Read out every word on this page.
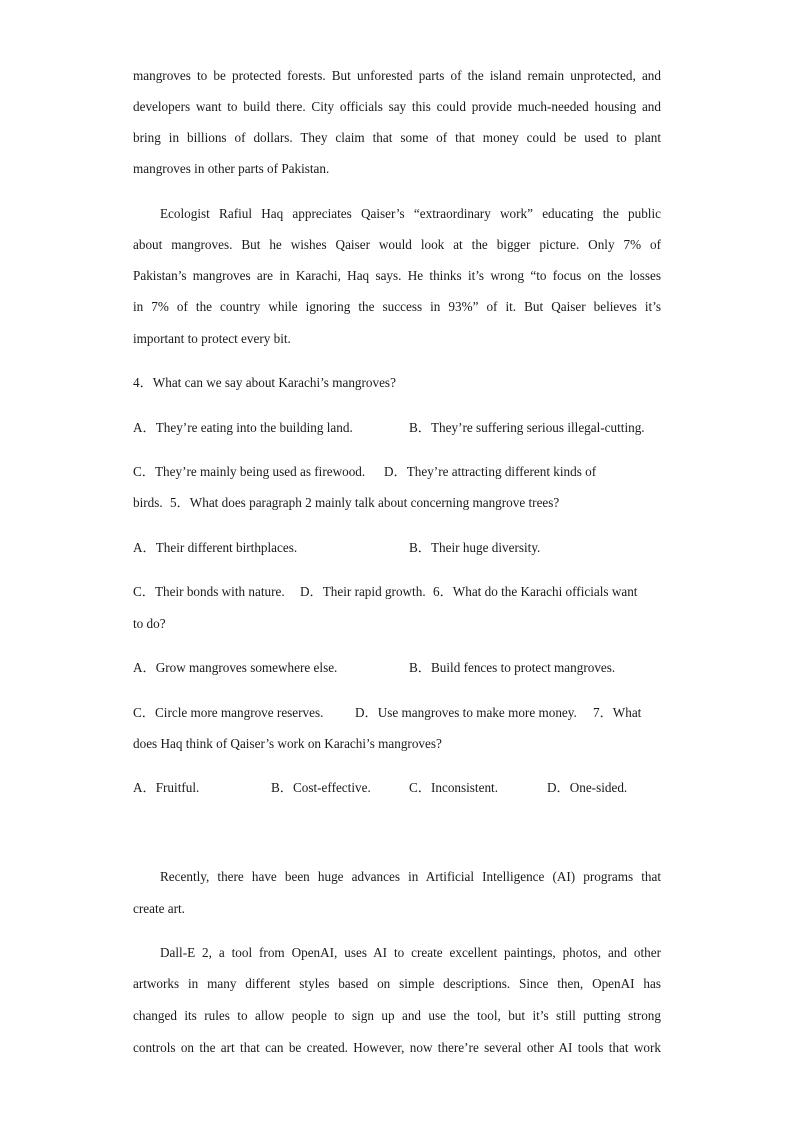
mangroves to be protected forests. But unforested parts of the island remain unprotected, and
developers want to build there. City officials say this could provide much-needed housing and
bring in billions of dollars. They claim that some of that money could be used to plant
mangroves in other parts of Pakistan.
Ecologist Rafiul Haq appreciates Qaiser’s “extraordinary work” educating the public
about mangroves. But he wishes Qaiser would look at the bigger picture. Only 7% of
Pakistan’s mangroves are in Karachi, Haq says. He thinks it’s wrong “to focus on the losses
in 7% of the country while ignoring the success in 93%” of it. But Qaiser believes it’s
important to protect every bit.
4．What can we say about Karachi’s mangroves?
A．They’re eating into the building land.	B．They’re suffering serious illegal-cutting.
C．They’re mainly being used as firewood. D．They’re attracting different kinds of
birds. 5．What does paragraph 2 mainly talk about concerning mangrove trees?
A．Their different birthplaces.	B．Their huge diversity.
C．Their bonds with nature. D．Their rapid growth. 6．What do the Karachi officials want
to do?
A．Grow mangroves somewhere else.	B．Build fences to protect mangroves.
C．Circle more mangrove reserves. D．Use mangroves to make more money. 7．What
does Haq think of Qaiser’s work on Karachi’s mangroves?
A．Fruitful.	B．Cost-effective.	C．Inconsistent.	D．One-sided.
Recently, there have been huge advances in Artificial Intelligence (AI) programs that
create art.
Dall-E 2, a tool from OpenAI, uses AI to create excellent paintings, photos, and other
artworks in many different styles based on simple descriptions. Since then, OpenAI has
changed its rules to allow people to sign up and use the tool, but it’s still putting strong
controls on the art that can be created. However, now there’re several other AI tools that work
